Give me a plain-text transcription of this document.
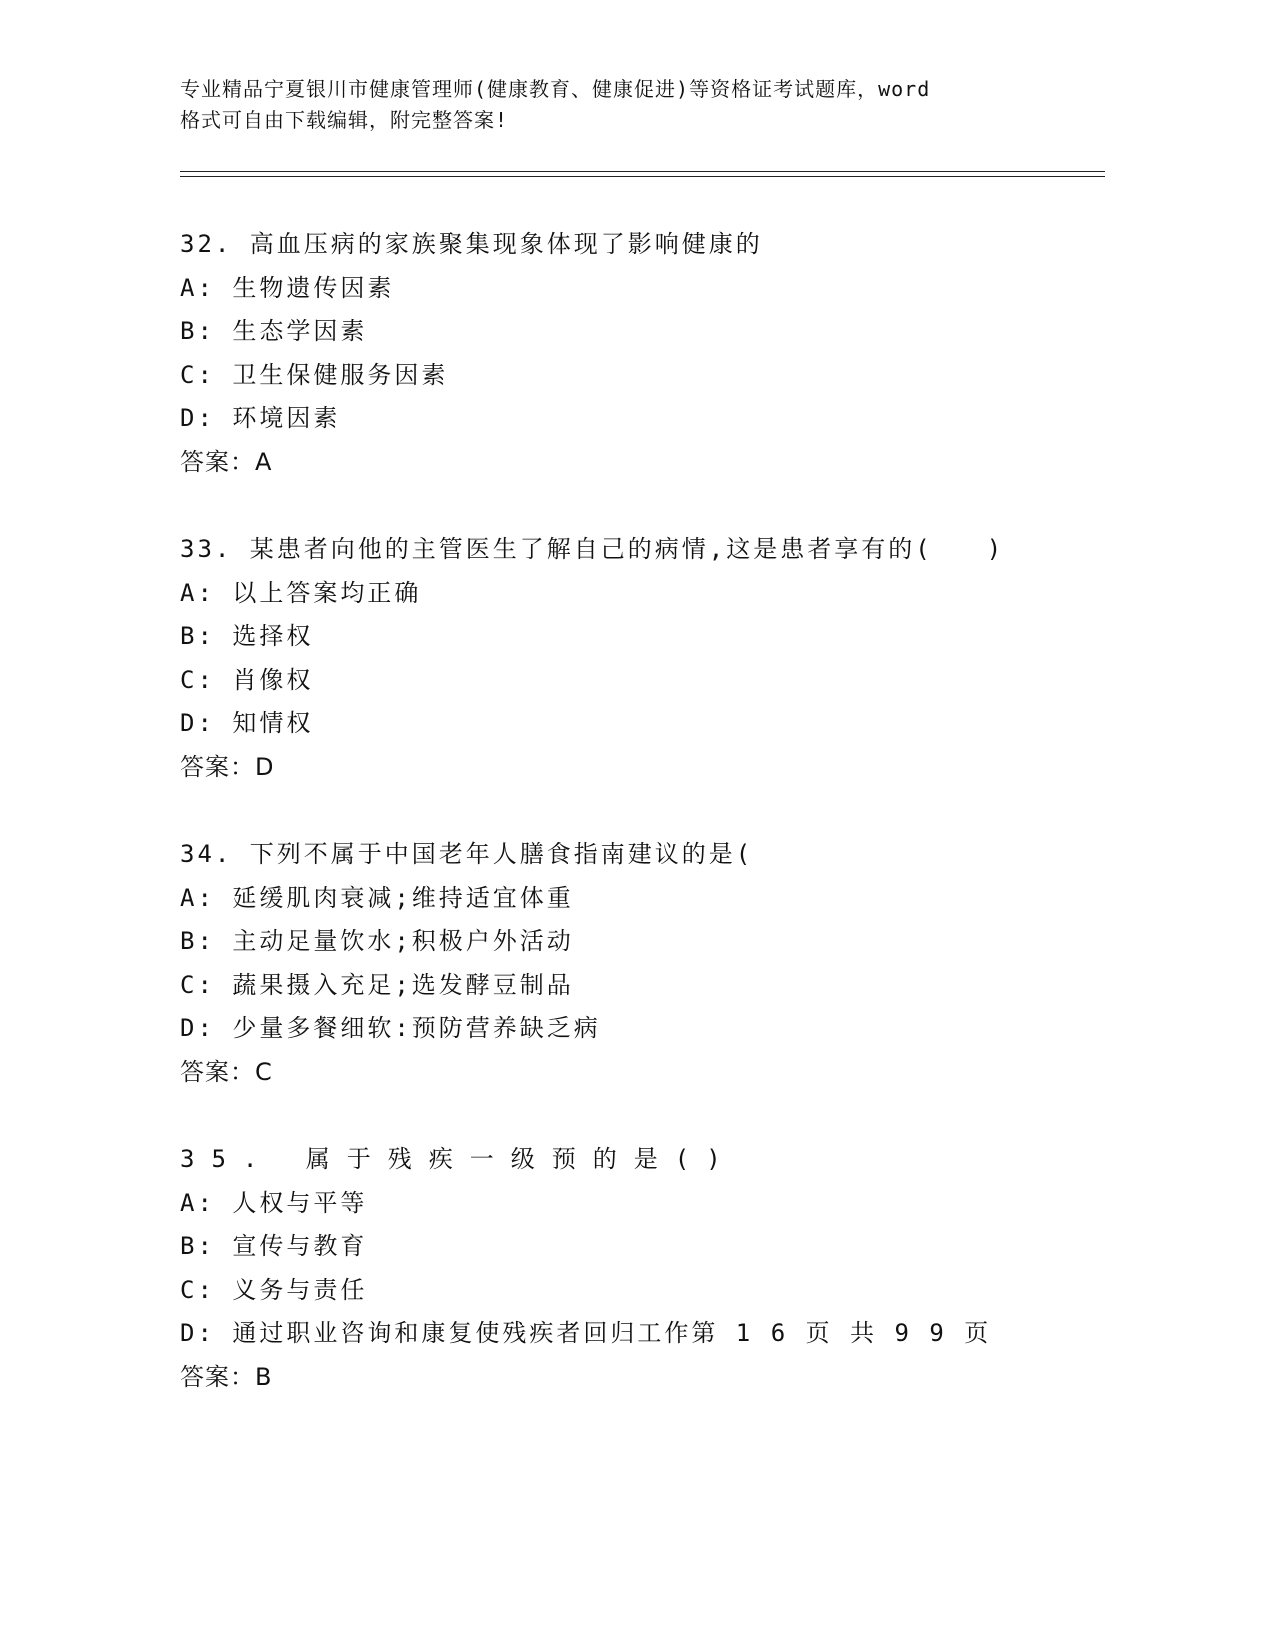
专业精品宁夏银川市健康管理师(健康教育、健康促进)等资格证考试题库，word
格式可自由下载编辑，附完整答案!
32. 高血压病的家族聚集现象体现了影响健康的
A: 生物遗传因素
B: 生态学因素
C: 卫生保健服务因素
D: 环境因素
答案：A
33. 某患者向他的主管医生了解自己的病情,这是患者享有的(　　)
A: 以上答案均正确
B: 选择权
C: 肖像权
D: 知情权
答案：D
34. 下列不属于中国老年人膳食指南建议的是(
A: 延缓肌肉衰减;维持适宜体重
B: 主动足量饮水;积极户外活动
C: 蔬果摄入充足;选发酵豆制品
D: 少量多餐细软:预防营养缺乏病
答案：C
35. 属于残疾一级预的是()
A: 人权与平等
B: 宣传与教育
C: 义务与责任
D: 通过职业咨询和康复使残疾者回归工作第 1 6 页 共 9 9 页
答案：B
